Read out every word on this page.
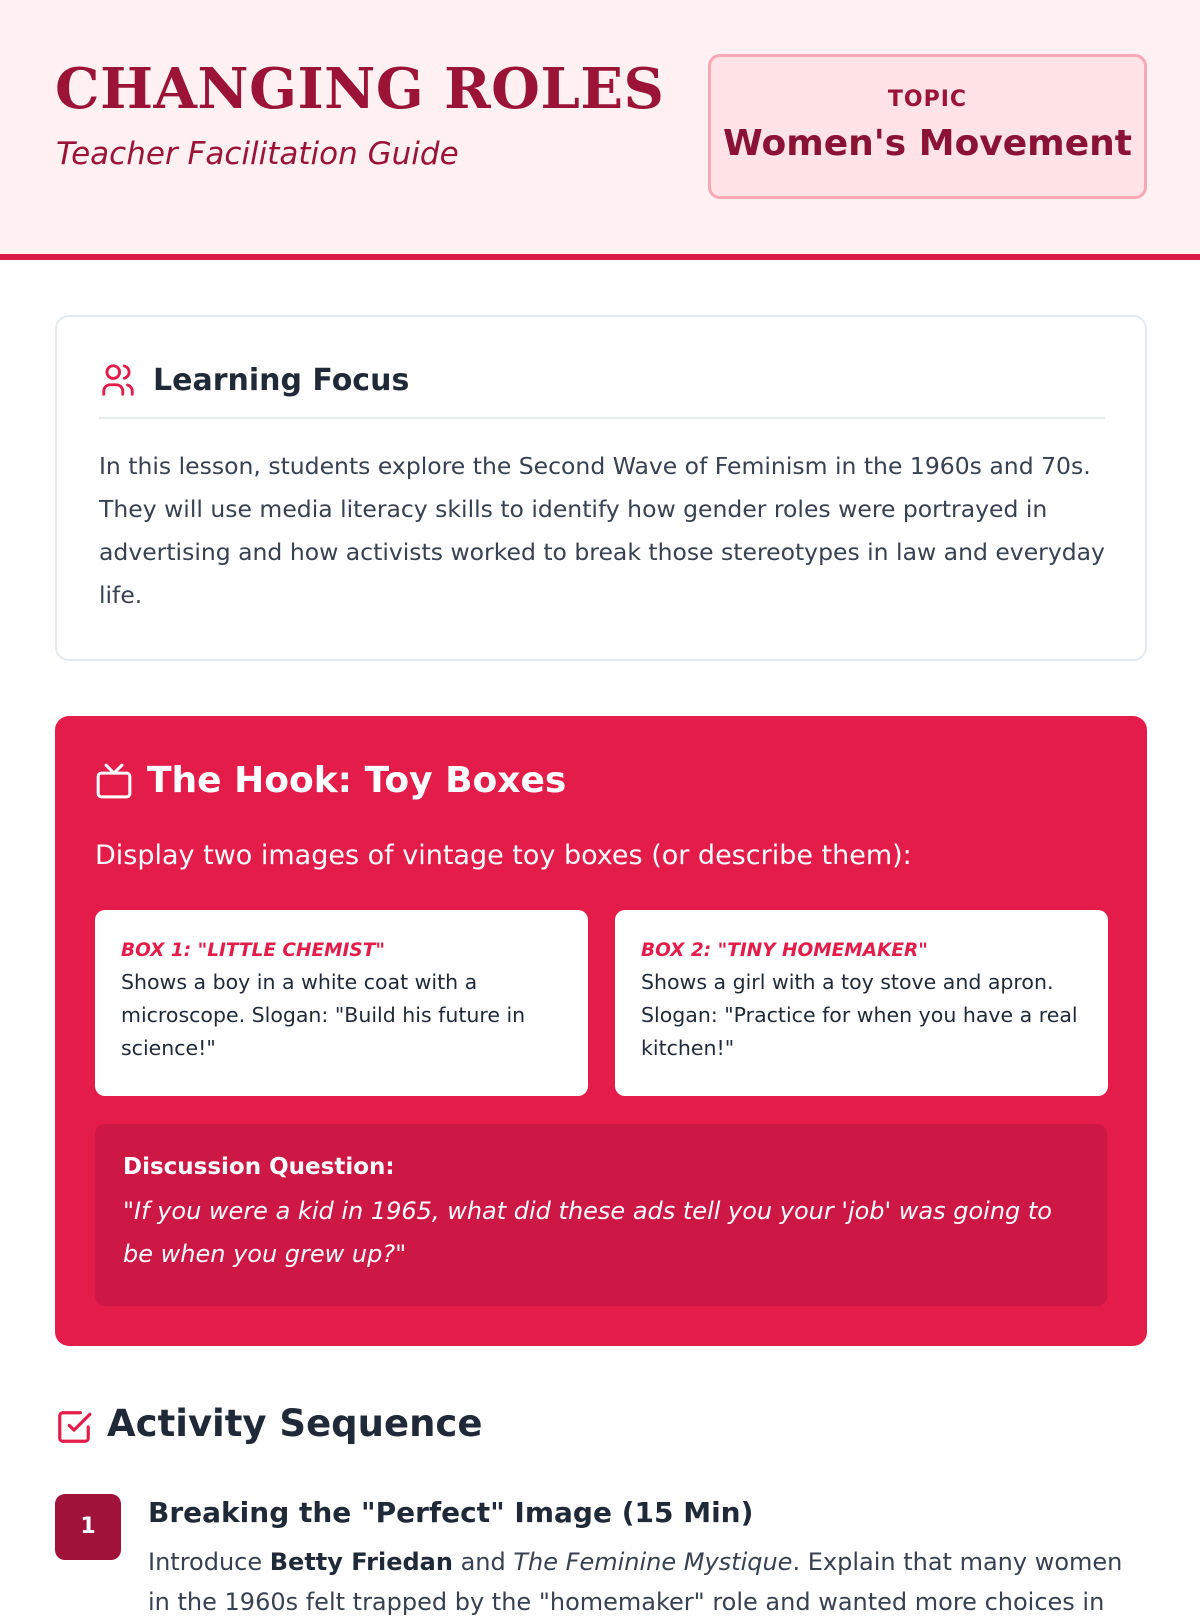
CHANGING ROLES
Teacher Facilitation Guide
TOPIC
Women's Movement
Learning Focus
In this lesson, students explore the Second Wave of Feminism in the 1960s and 70s. They will use media literacy skills to identify how gender roles were portrayed in advertising and how activists worked to break those stereotypes in law and everyday life.
The Hook: Toy Boxes
Display two images of vintage toy boxes (or describe them):
BOX 1: "LITTLE CHEMIST"
Shows a boy in a white coat with a microscope. Slogan: "Build his future in science!"
BOX 2: "TINY HOMEMAKER"
Shows a girl with a toy stove and apron. Slogan: "Practice for when you have a real kitchen!"
Discussion Question:
"If you were a kid in 1965, what did these ads tell you your 'job' was going to be when you grew up?"
Activity Sequence
1	Breaking the "Perfect" Image (15 Min)
Introduce Betty Friedan and The Feminine Mystique. Explain that many women in the 1960s felt trapped by the "homemaker" role and wanted more choices in
